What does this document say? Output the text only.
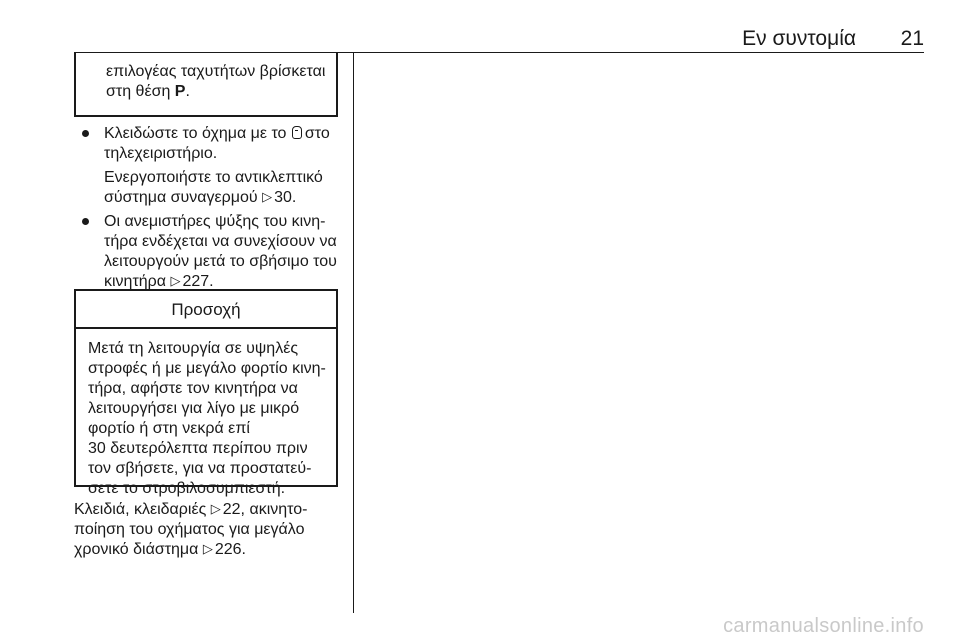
Εν συντομία 21

επιλογέας ταχυτήτων βρίσκεται
στη θέση P.

Κλειδώστε το όχημα με το στο
τηλεχειριστήριο.
Ενεργοποιήστε το αντικλεπτικό
σύστημα συναγερμού ▷ 30.
Οι ανεμιστήρες ψύξης του κινη-
τήρα ενδέχεται να συνεχίσουν να
λειτουργούν μετά το σβήσιμο του
κινητήρα ▷ 227.
Προσοχή
Μετά τη λειτουργία σε υψηλές
στροφές ή με μεγάλο φορτίο κινη-
τήρα, αφήστε τον κινητήρα να
λειτουργήσει για λίγο με μικρό
φορτίο ή στη νεκρά επί
30 δευτερόλεπτα περίπου πριν
τον σβήσετε, για να προστατεύ-
σετε το στροβιλοσυμπιεστή.
Κλειδιά, κλειδαριές ▷ 22, ακινητο-
ποίηση του οχήματος για μεγάλο
χρονικό διάστημα ▷ 226.
carmanualsonline.info
